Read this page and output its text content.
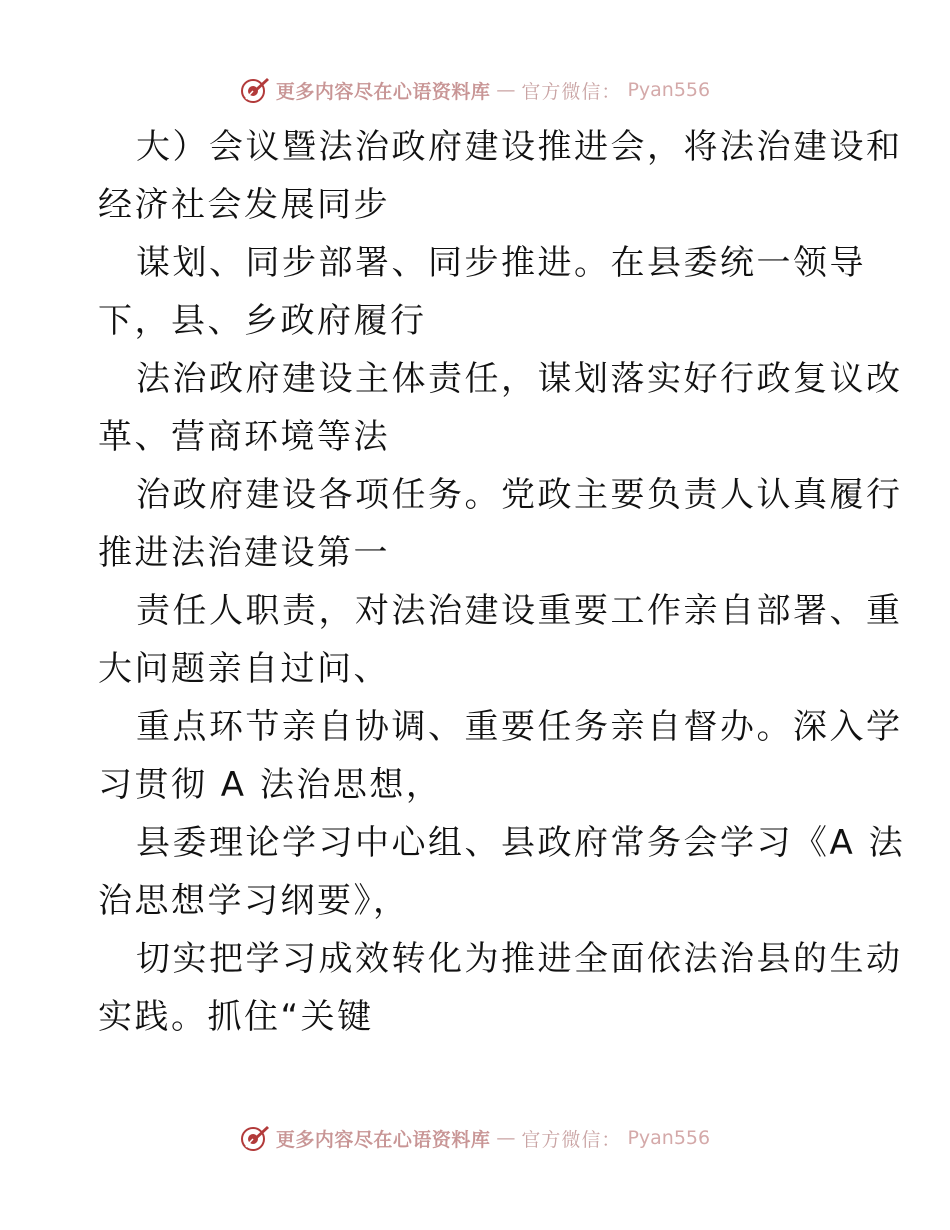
更多内容尽在心语资料库 — 官方微信： Pyan556
大）会议暨法治政府建设推进会，将法治建设和
经济社会发展同步
谋划、同步部署、同步推进。在县委统一领导
下，县、乡政府履行
法治政府建设主体责任，谋划落实好行政复议改
革、营商环境等法
治政府建设各项任务。党政主要负责人认真履行
推进法治建设第一
责任人职责，对法治建设重要工作亲自部署、重
大问题亲自过问、
重点环节亲自协调、重要任务亲自督办。深入学
习贯彻 A 法治思想，
县委理论学习中心组、县政府常务会学习《A 法
治思想学习纲要》，
切实把学习成效转化为推进全面依法治县的生动
实践。抓住“关键
更多内容尽在心语资料库 — 官方微信： Pyan556
